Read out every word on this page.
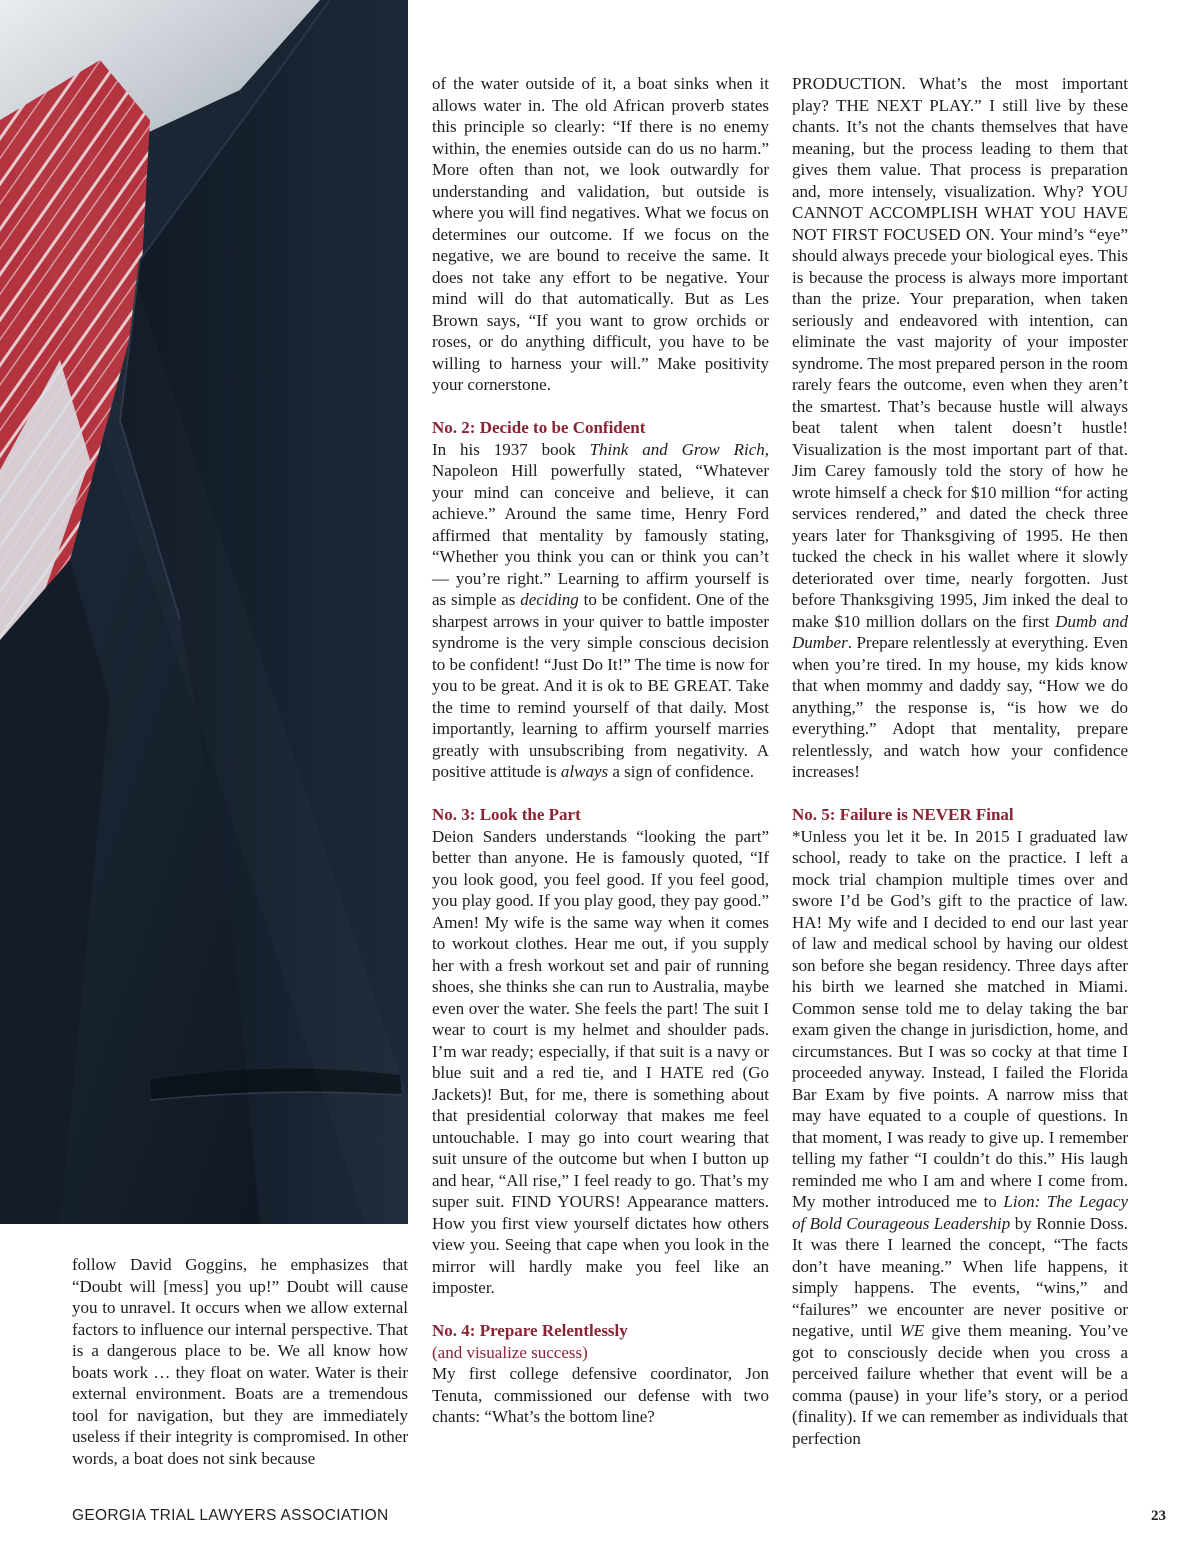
follow David Goggins, he emphasizes that “Doubt will [mess] you up!” Doubt will cause you to unravel. It occurs when we allow external factors to influence our internal perspective. That is a dangerous place to be. We all know how boats work … they float on water. Water is their external environment. Boats are a tremendous tool for navigation, but they are immediately useless if their integrity is compromised. In other words, a boat does not sink because

of the water outside of it, a boat sinks when it allows water in. The old African proverb states this principle so clearly: “If there is no enemy within, the enemies outside can do us no harm.” More often than not, we look outwardly for understanding and validation, but outside is where you will find negatives. What we focus on determines our outcome. If we focus on the negative, we are bound to receive the same. It does not take any effort to be negative. Your mind will do that automatically. But as Les Brown says, “If you want to grow orchids or roses, or do anything difficult, you have to be willing to harness your will.” Make positivity your cornerstone.

No. 2: Decide to be Confident

In his 1937 book Think and Grow Rich, Napoleon Hill powerfully stated, “Whatever your mind can conceive and believe, it can achieve.” Around the same time, Henry Ford affirmed that mentality by famously stating, “Whether you think you can or think you can’t — you’re right.” Learning to affirm yourself is as simple as deciding to be confident. One of the sharpest arrows in your quiver to battle imposter syndrome is the very simple conscious decision to be confident! “Just Do It!” The time is now for you to be great. And it is ok to BE GREAT. Take the time to remind yourself of that daily. Most importantly, learning to affirm yourself marries greatly with unsubscribing from negativity. A positive attitude is always a sign of confidence.

No. 3: Look the Part

Deion Sanders understands “looking the part” better than anyone. He is famously quoted, “If you look good, you feel good. If you feel good, you play good. If you play good, they pay good.” Amen! My wife is the same way when it comes to workout clothes. Hear me out, if you supply her with a fresh workout set and pair of running shoes, she thinks she can run to Australia, maybe even over the water. She feels the part! The suit I wear to court is my helmet and shoulder pads. I’m war ready; especially, if that suit is a navy or blue suit and a red tie, and I HATE red (Go Jackets)! But, for me, there is something about that presidential colorway that makes me feel untouchable. I may go into court wearing that suit unsure of the outcome but when I button up and hear, “All rise,” I feel ready to go. That’s my super suit. FIND YOURS! Appearance matters. How you first view yourself dictates how others view you. Seeing that cape when you look in the mirror will hardly make you feel like an imposter.

No. 4: Prepare Relentlessly

(and visualize success)

My first college defensive coordinator, Jon Tenuta, commissioned our defense with two chants: “What’s the bottom line?

PRODUCTION. What’s the most important play? THE NEXT PLAY.” I still live by these chants. It’s not the chants themselves that have meaning, but the process leading to them that gives them value. That process is preparation and, more intensely, visualization. Why? YOU CANNOT ACCOMPLISH WHAT YOU HAVE NOT FIRST FOCUSED ON. Your mind’s “eye” should always precede your biological eyes. This is because the process is always more important than the prize. Your preparation, when taken seriously and endeavored with intention, can eliminate the vast majority of your imposter syndrome. The most prepared person in the room rarely fears the outcome, even when they aren’t the smartest. That’s because hustle will always beat talent when talent doesn’t hustle! Visualization is the most important part of that. Jim Carey famously told the story of how he wrote himself a check for $10 million “for acting services rendered,” and dated the check three years later for Thanksgiving of 1995. He then tucked the check in his wallet where it slowly deteriorated over time, nearly forgotten. Just before Thanksgiving 1995, Jim inked the deal to make $10 million dollars on the first Dumb and Dumber. Prepare relentlessly at everything. Even when you’re tired. In my house, my kids know that when mommy and daddy say, “How we do anything,” the response is, “is how we do everything.” Adopt that mentality, prepare relentlessly, and watch how your confidence increases!

No. 5: Failure is NEVER Final

*Unless you let it be. In 2015 I graduated law school, ready to take on the practice. I left a mock trial champion multiple times over and swore I’d be God’s gift to the practice of law. HA! My wife and I decided to end our last year of law and medical school by having our oldest son before she began residency. Three days after his birth we learned she matched in Miami. Common sense told me to delay taking the bar exam given the change in jurisdiction, home, and circumstances. But I was so cocky at that time I proceeded anyway. Instead, I failed the Florida Bar Exam by five points. A narrow miss that may have equated to a couple of questions. In that moment, I was ready to give up. I remember telling my father “I couldn’t do this.” His laugh reminded me who I am and where I come from. My mother introduced me to Lion: The Legacy of Bold Courageous Leadership by Ronnie Doss. It was there I learned the concept, “The facts don’t have meaning.” When life happens, it simply happens. The events, “wins,” and “failures” we encounter are never positive or negative, until WE give them meaning. You’ve got to consciously decide when you cross a perceived failure whether that event will be a comma (pause) in your life’s story, or a period (finality). If we can remember as individuals that perfection

GEORGIA TRIAL LAWYERS ASSOCIATION	23
